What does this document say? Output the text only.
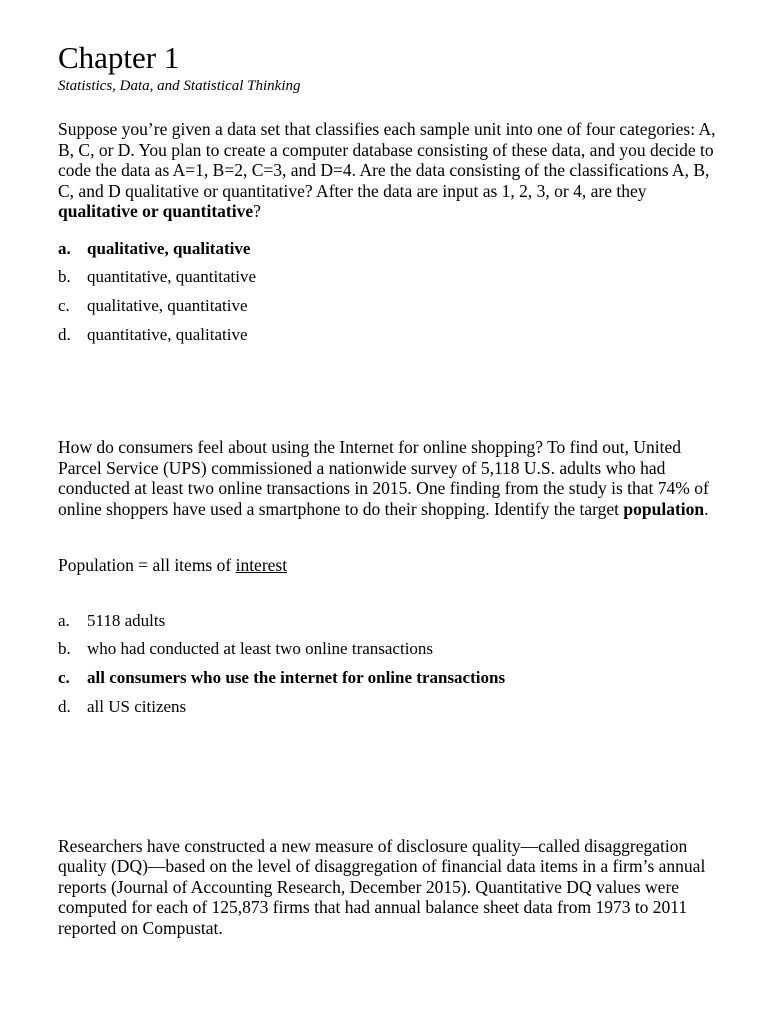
Chapter 1

Statistics, Data, and Statistical Thinking

Suppose you’re given a data set that classifies each sample unit into one of four categories: A, B, C, or D. You plan to create a computer database consisting of these data, and you decide to code the data as A=1, B=2, C=3, and D=4. Are the data consisting of the classifications A, B, C, and D qualitative or quantitative? After the data are input as 1, 2, 3, or 4, are they qualitative or quantitative?

a. qualitative, qualitative
b. quantitative, quantitative
c.	qualitative, quantitative
d. quantitative, qualitative

How do consumers feel about using the Internet for online shopping? To find out, United Parcel Service (UPS) commissioned a nationwide survey of 5,118 U.S. adults who had conducted at least two online transactions in 2015. One finding from the study is that 74% of online shoppers have used a smartphone to do their shopping. Identify the target population.

Population = all items of interest

a.	5118 adults
b. who had conducted at least two online transactions
c.	all consumers who use the internet for online transactions
d. all US citizens

Researchers have constructed a new measure of disclosure quality—called disaggregation quality (DQ)—based on the level of disaggregation of financial data items in a firm’s annual reports (Journal of Accounting Research, December 2015). Quantitative DQ values were computed for each of 125,873 firms that had annual balance sheet data from 1973 to 2011 reported on Compustat.
